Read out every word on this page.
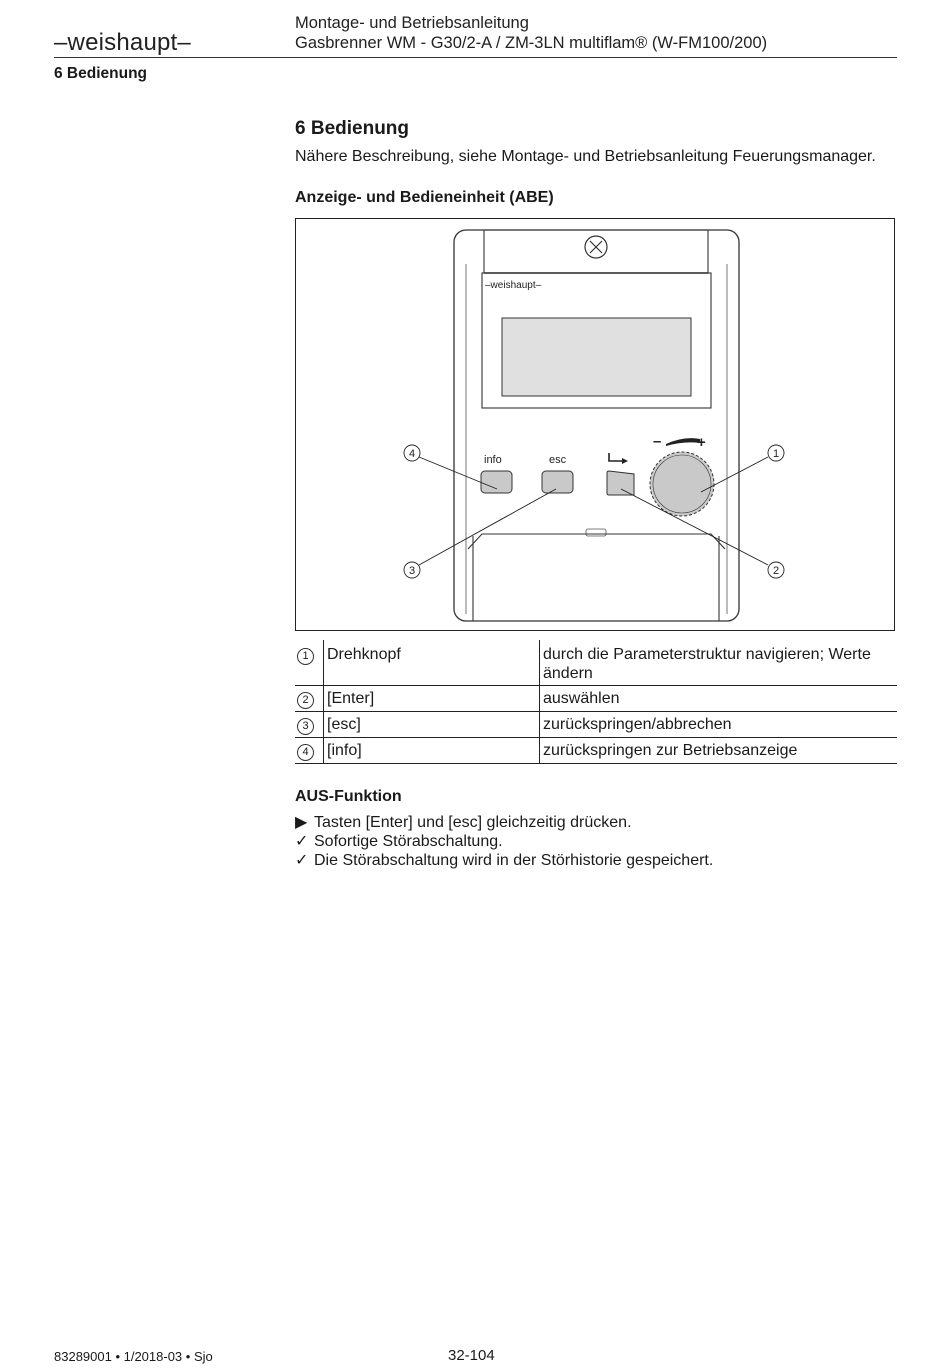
–weishaupt–
Montage- und Betriebsanleitung
Gasbrenner WM - G30/2-A / ZM-3LN multiflam® (W-FM100/200)
6 Bedienung
6 Bedienung
Nähere Beschreibung, siehe Montage- und Betriebsanleitung Feuerungsmanager.
Anzeige- und Bedieneinheit (ABE)
–weishaupt–
info	esc
– +
4	1
3	2
1	Drehknopf	durch die Parameterstruktur navigieren; Werte ändern
2	[Enter]	auswählen
3	[esc]	zurückspringen/abbrechen
4	[info]	zurückspringen zur Betriebsanzeige
AUS-Funktion
▶ Tasten [Enter] und [esc] gleichzeitig drücken.
✓ Sofortige Störabschaltung.
✓ Die Störabschaltung wird in der Störhistorie gespeichert.
83289001 • 1/2018-03 • Sjo	32-104
